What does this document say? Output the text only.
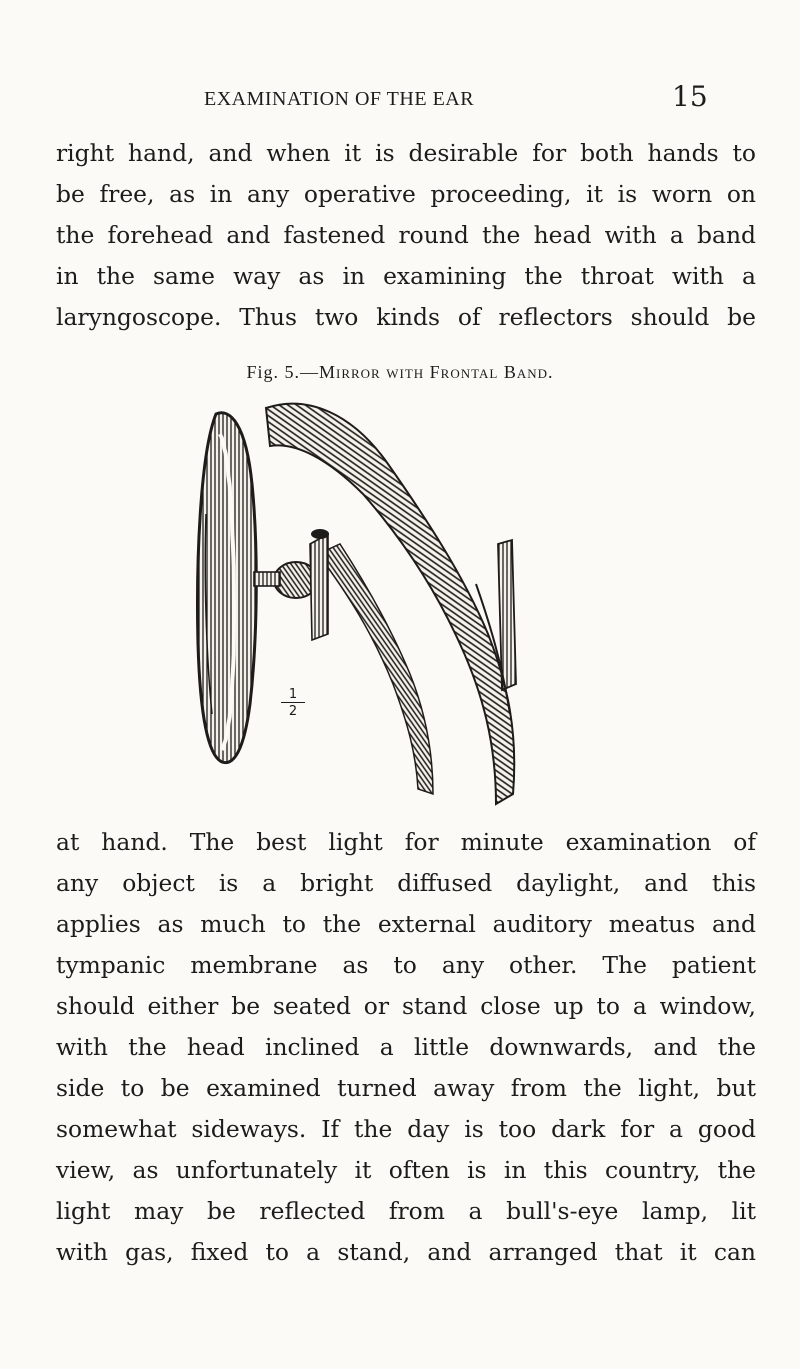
EXAMINATION OF THE EAR	15
right hand, and when it is desirable for both hands to
be free, as in any operative proceeding, it is worn on
the forehead and fastened round the head with a band
in the same way as in examining the throat with a
laryngoscope. Thus two kinds of reflectors should be
Fig. 5.—Mirror with Frontal Band.
1
2
at hand. The best light for minute examination of
any object is a bright diffused daylight, and this
applies as much to the external auditory meatus and
tympanic membrane as to any other. The patient
should either be seated or stand close up to a window,
with the head inclined a little downwards, and the
side to be examined turned away from the light, but
somewhat sideways. If the day is too dark for a good
view, as unfortunately it often is in this country, the
light may be reflected from a bull's-eye lamp, lit
with gas, fixed to a stand, and arranged that it can
